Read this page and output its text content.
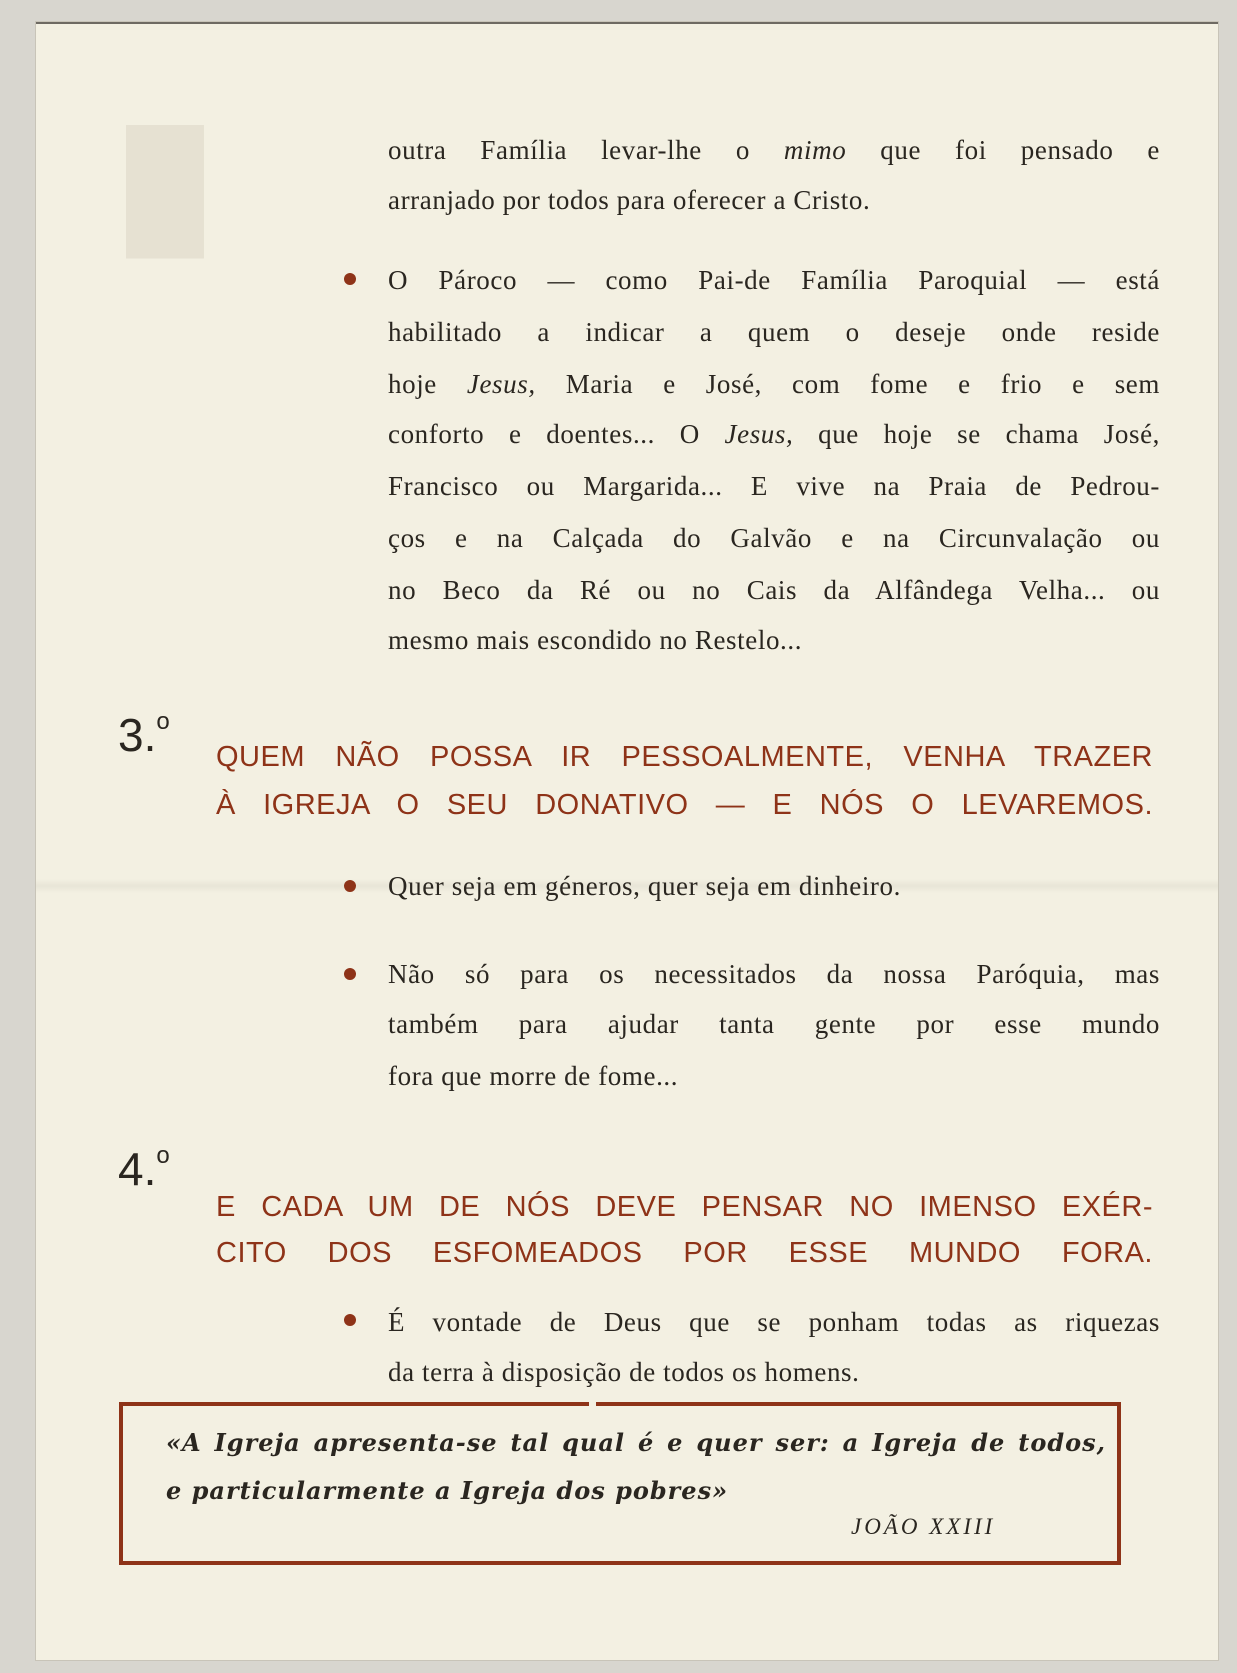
█	outra Família levar-lhe o mimo que foi pensado e
arranjado por todos para oferecer a Cristo.
O Pároco — como Pai-de Família Paroquial — está
habilitado a indicar a quem o deseje onde reside
hoje Jesus, Maria e José, com fome e frio e sem
conforto e doentes... O Jesus, que hoje se chama José,
Francisco ou Margarida... E vive na Praia de Pedrou-
ços e na Calçada do Galvão e na Circunvalação ou
no Beco da Ré ou no Cais da Alfândega Velha... ou
mesmo mais escondido no Restelo...
3.$^o$
QUEM NÃO POSSA IR PESSOALMENTE, VENHA TRAZER
À IGREJA O SEU DONATIVO — E NÓS O LEVAREMOS.
Quer seja em géneros, quer seja em dinheiro.
Não só para os necessitados da nossa Paróquia, mas
também para ajudar tanta gente por esse mundo
fora que morre de fome...
4.$^o$
E CADA UM DE NÓS DEVE PENSAR NO IMENSO EXÉR-
CITO DOS ESFOMEADOS POR ESSE MUNDO FORA.
É vontade de Deus que se ponham todas as riquezas
da terra à disposição de todos os homens.
«A Igreja apresenta-se tal qual é e quer ser: a Igreja de todos,
e particularmente a Igreja dos pobres»
JOÃO XXIII
